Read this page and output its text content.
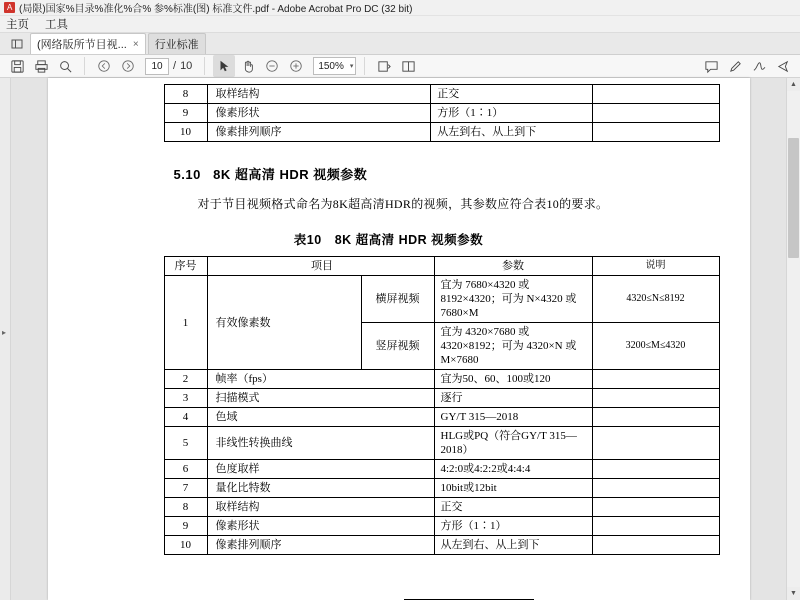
A
(局限)国家%目录%准化%合% 参%标准(图) 标准文件.pdf - Adobe Acrobat Pro DC (32 bit)
主页 工具
(网络版所节目视... × 行业标准
10 / 10	150% ▾
▸
8	取样结构	正交	
9	像素形状	方形（1∶1）	
10	像素排列顺序	从左到右、从上到下	
5.10 8K 超高清 HDR 视频参数
对于节目视频格式命名为8K超高清HDR的视频，其参数应符合表10的要求。
表10　8K 超高清 HDR 视频参数
序号	项目		参数	说明
1	有效像素数	横屏视频	宜为 7680×4320 或 8192×4320；可为 N×4320 或 7680×M	4320≤N≤8192
		竖屏视频	宜为 4320×7680 或 4320×8192；可为 4320×N 或 M×7680	3200≤M≤4320
2	帧率（fps）		宜为50、60、100或120	
3	扫描模式		逐行	
4	色域		GY/T 315—2018	
5	非线性转换曲线		HLG或PQ（符合GY/T 315—2018）	
6	色度取样		4:2:0或4:2:2或4:4:4	
7	量化比特数		10bit或12bit	
8	取样结构		正交	
9	像素形状		方形（1∶1）	
10	像素排列顺序		从左到右、从上到下	
▲
▼
